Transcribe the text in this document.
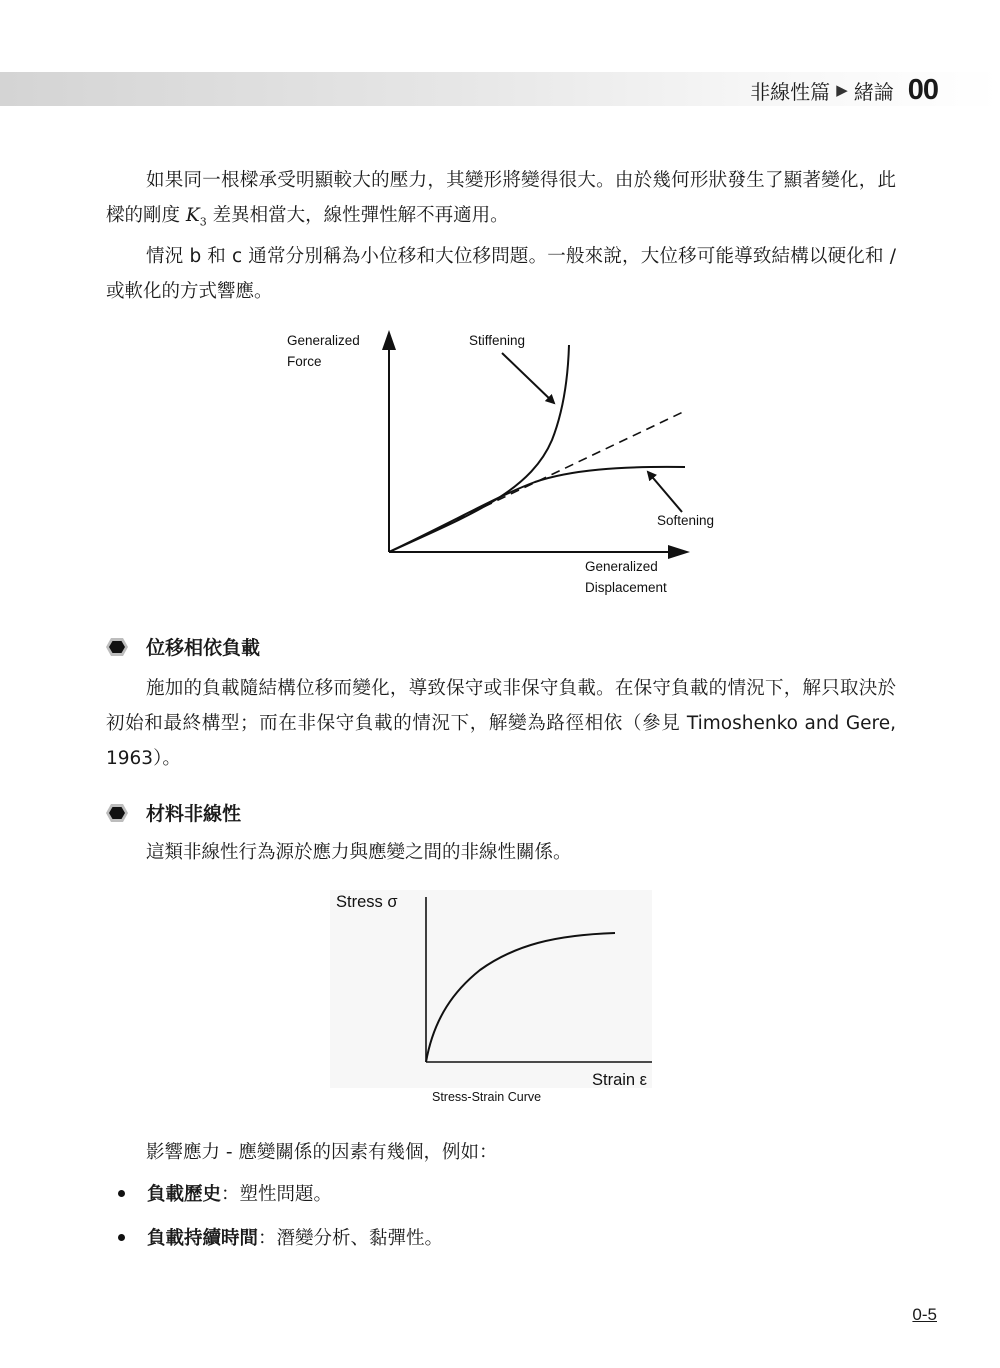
非線性篇 ▶ 緒論 00

如果同一根樑承受明顯較大的壓力，其變形將變得很大。由於幾何形狀發生了顯著變化，此樑的剛度 $K_3$ 差異相當大，線性彈性解不再適用。

情況 b 和 c 通常分別稱為小位移和大位移問題。一般來說，大位移可能導致結構以硬化和 / 或軟化的方式響應。

Generalized
Force
Stiffening
Softening
Generalized
Displacement
位移相依負載

施加的負載隨結構位移而變化，導致保守或非保守負載。在保守負載的情況下，解只取決於初始和最終構型；而在非保守負載的情況下，解變為路徑相依（參見 Timoshenko and Gere, 1963）。

材料非線性

這類非線性行為源於應力與應變之間的非線性關係。

Stress σ
Strain ε
Stress-Strain Curve

影響應力 - 應變關係的因素有幾個，例如：

負載歷史 ：塑性問題。
負載持續時間 ：潛變分析、黏彈性。
0-5
